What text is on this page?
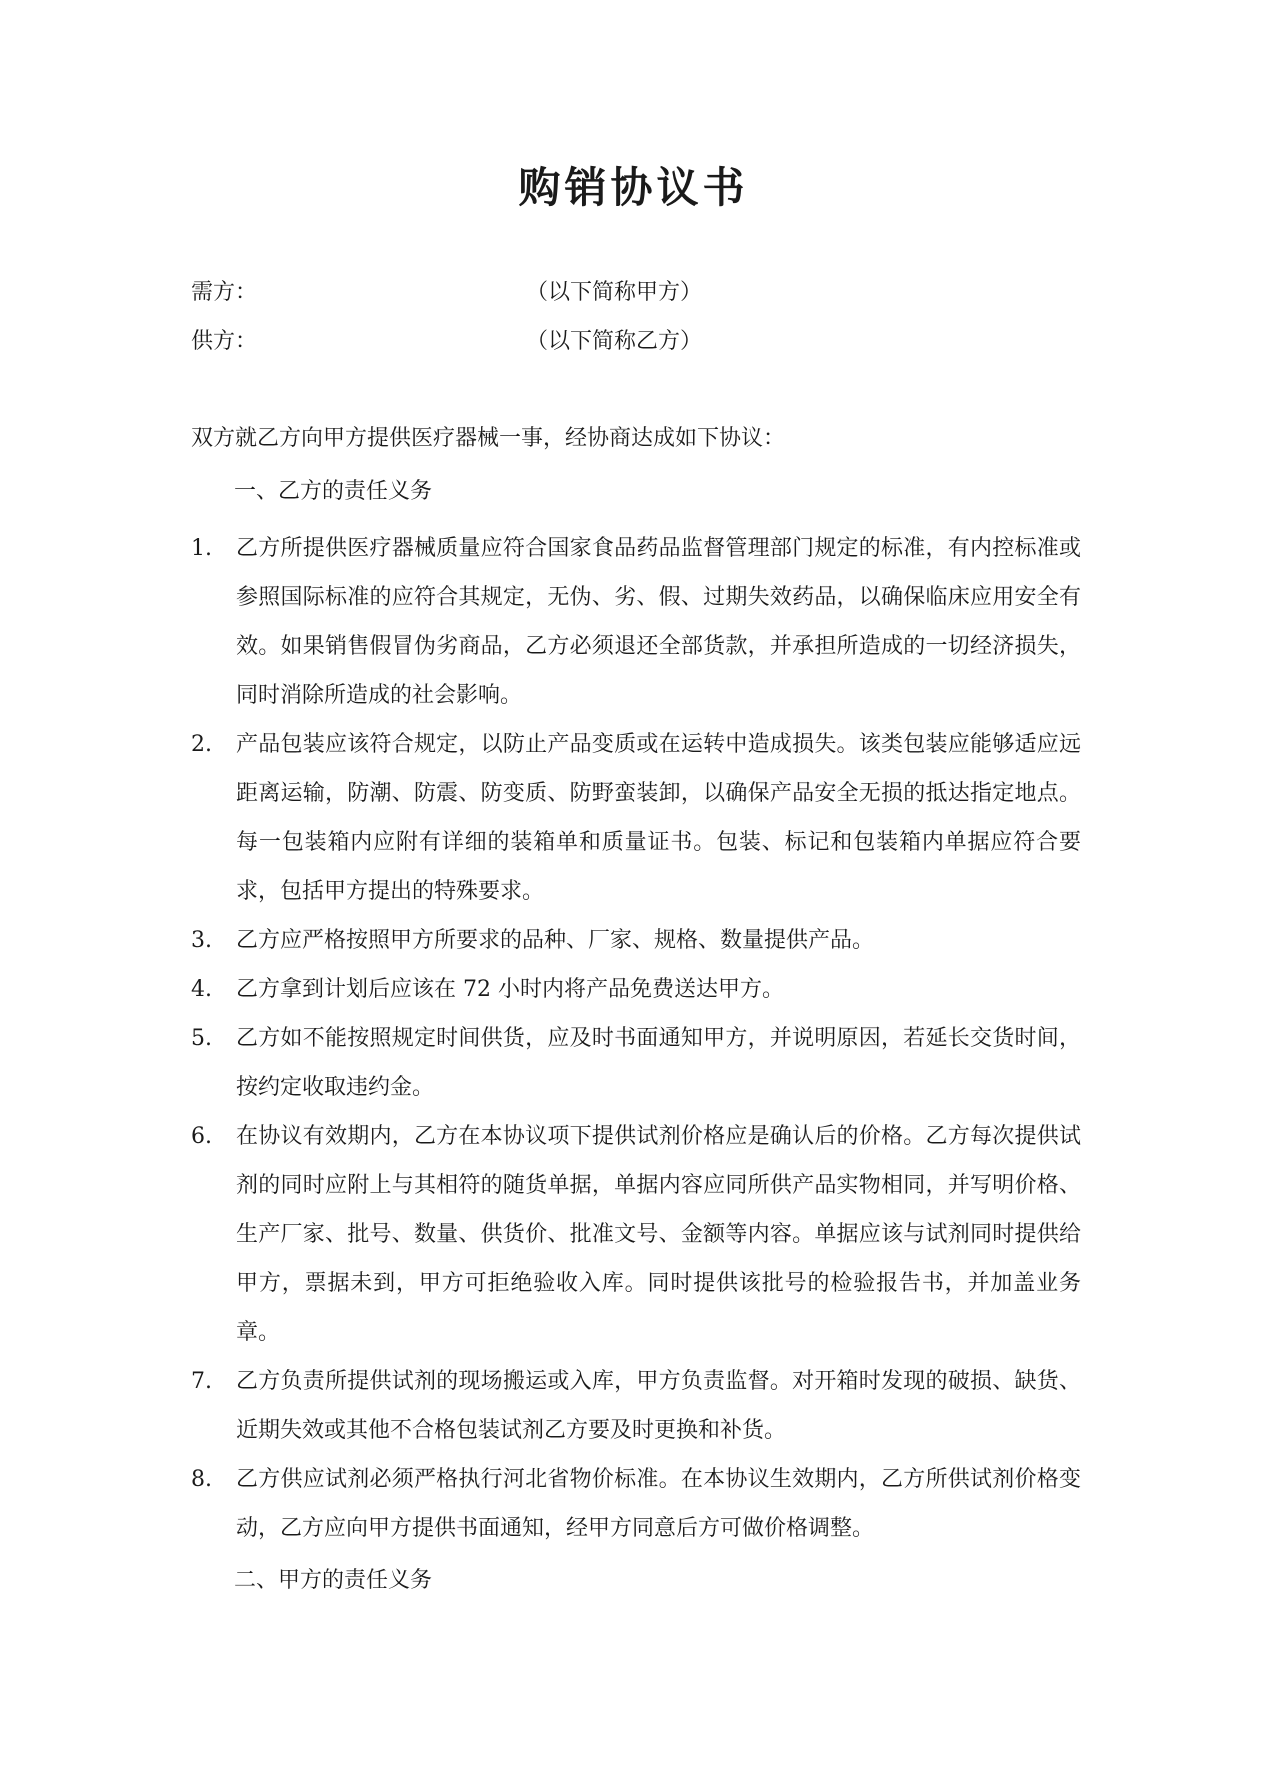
购销协议书
需方：	（以下简称甲方）
供方：	（以下简称乙方）
双方就乙方向甲方提供医疗器械一事，经协商达成如下协议：
一、乙方的责任义务
1. 乙方所提供医疗器械质量应符合国家食品药品监督管理部门规定的标准，有内控标准或参照国际标准的应符合其规定，无伪、劣、假、过期失效药品，以确保临床应用安全有效。如果销售假冒伪劣商品，乙方必须退还全部货款，并承担所造成的一切经济损失，同时消除所造成的社会影响。
2. 产品包装应该符合规定，以防止产品变质或在运转中造成损失。该类包装应能够适应远距离运输，防潮、防震、防变质、防野蛮装卸，以确保产品安全无损的抵达指定地点。每一包装箱内应附有详细的装箱单和质量证书。包装、标记和包装箱内单据应符合要求，包括甲方提出的特殊要求。
3. 乙方应严格按照甲方所要求的品种、厂家、规格、数量提供产品。
4. 乙方拿到计划后应该在 72 小时内将产品免费送达甲方。
5. 乙方如不能按照规定时间供货，应及时书面通知甲方，并说明原因，若延长交货时间，按约定收取违约金。
6. 在协议有效期内，乙方在本协议项下提供试剂价格应是确认后的价格。乙方每次提供试剂的同时应附上与其相符的随货单据，单据内容应同所供产品实物相同，并写明价格、生产厂家、批号、数量、供货价、批准文号、金额等内容。单据应该与试剂同时提供给甲方，票据未到，甲方可拒绝验收入库。同时提供该批号的检验报告书，并加盖业务章。
7. 乙方负责所提供试剂的现场搬运或入库，甲方负责监督。对开箱时发现的破损、缺货、近期失效或其他不合格包装试剂乙方要及时更换和补货。
8. 乙方供应试剂必须严格执行河北省物价标准。在本协议生效期内，乙方所供试剂价格变动，乙方应向甲方提供书面通知，经甲方同意后方可做价格调整。
二、甲方的责任义务
